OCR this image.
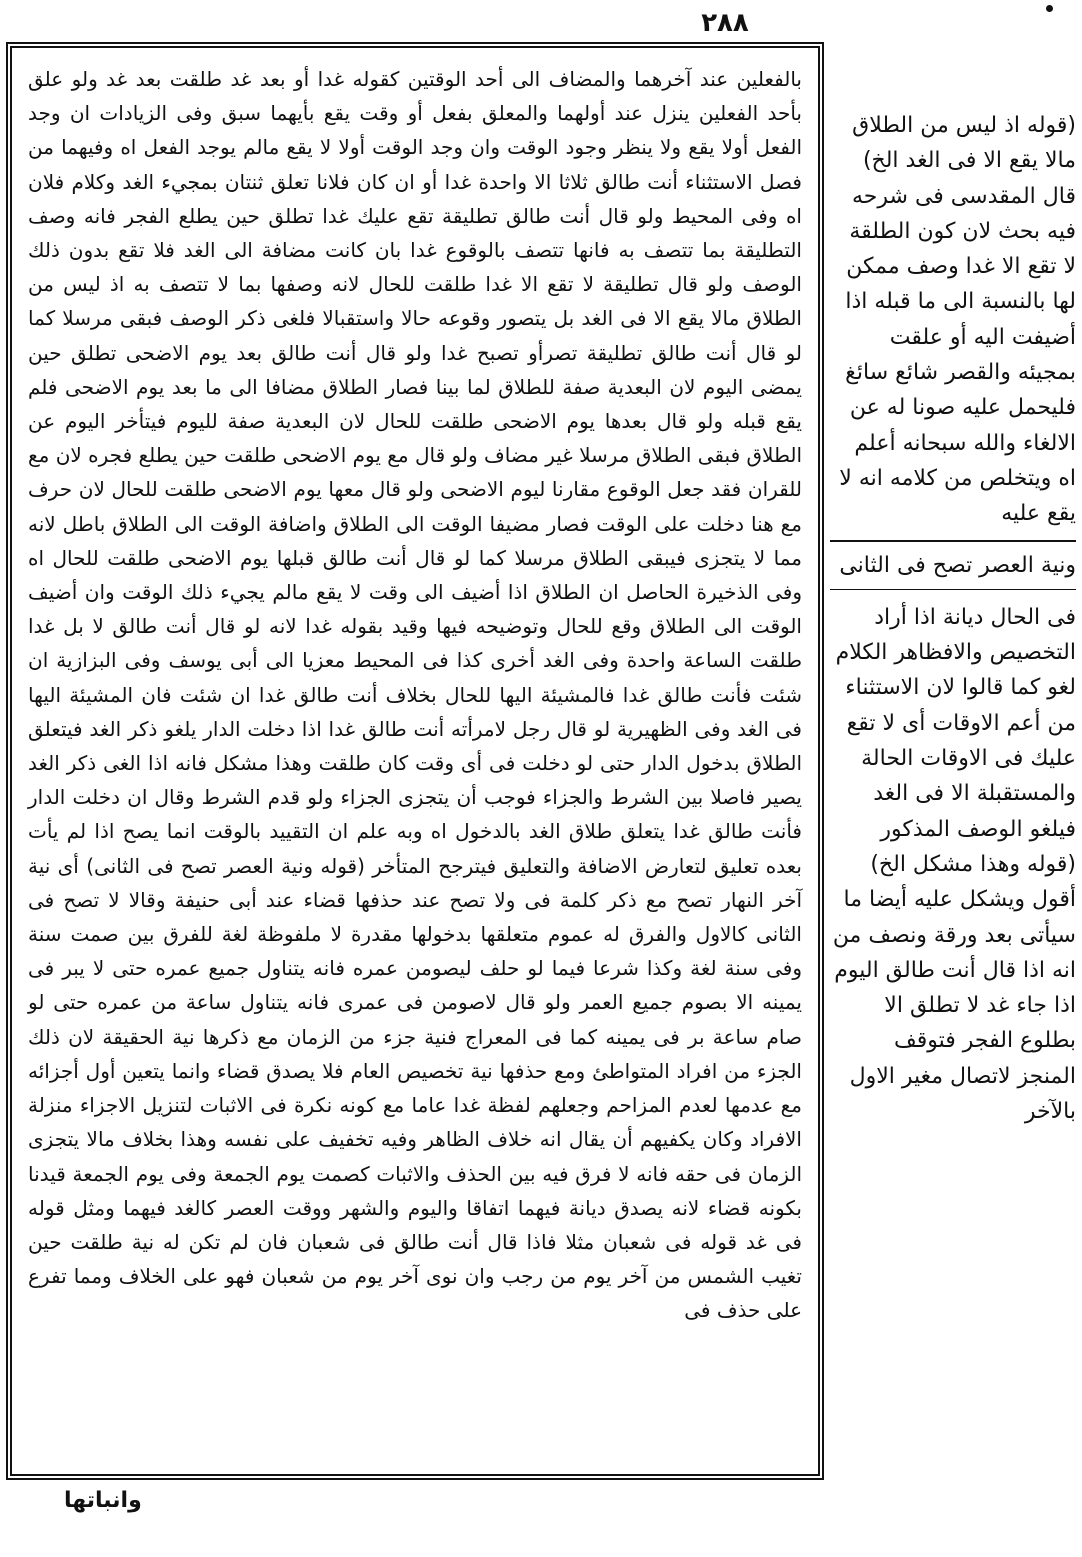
٢٨٨

بالفعلين عند آخرهما والمضاف الى أحد الوقتين كقوله غدا أو بعد غد طلقت بعد غد ولو علق بأحد الفعلين ينزل عند أولهما والمعلق بفعل أو وقت يقع بأيهما سبق وفى الزيادات ان وجد الفعل أولا يقع ولا ينظر وجود الوقت وان وجد الوقت أولا لا يقع مالم يوجد الفعل اه وفيهما من فصل الاستثناء أنت طالق ثلاثا الا واحدة غدا أو ان كان فلانا تعلق ثنتان بمجيء الغد وكلام فلان اه وفى المحيط ولو قال أنت طالق تطليقة تقع عليك غدا تطلق حين يطلع الفجر فانه وصف التطليقة بما تتصف به فانها تتصف بالوقوع غدا بان كانت مضافة الى الغد فلا تقع بدون ذلك الوصف ولو قال تطليقة لا تقع الا غدا طلقت للحال لانه وصفها بما لا تتصف به اذ ليس من الطلاق مالا يقع الا فى الغد بل يتصور وقوعه حالا واستقبالا فلغى ذكر الوصف فبقى مرسلا كما لو قال أنت طالق تطليقة تصرأو تصبح غدا ولو قال أنت طالق بعد يوم الاضحى تطلق حين يمضى اليوم لان البعدية صفة للطلاق لما بينا فصار الطلاق مضافا الى ما بعد يوم الاضحى فلم يقع قبله ولو قال بعدها يوم الاضحى طلقت للحال لان البعدية صفة لليوم فيتأخر اليوم عن الطلاق فبقى الطلاق مرسلا غير مضاف ولو قال مع يوم الاضحى طلقت حين يطلع فجره لان مع للقران فقد جعل الوقوع مقارنا ليوم الاضحى ولو قال معها يوم الاضحى طلقت للحال لان حرف مع هنا دخلت على الوقت فصار مضيفا الوقت الى الطلاق واضافة الوقت الى الطلاق باطل لانه مما لا يتجزى فيبقى الطلاق مرسلا كما لو قال أنت طالق قبلها يوم الاضحى طلقت للحال اه وفى الذخيرة الحاصل ان الطلاق اذا أضيف الى وقت لا يقع مالم يجيء ذلك الوقت وان أضيف الوقت الى الطلاق وقع للحال وتوضيحه فيها وقيد بقوله غدا لانه لو قال أنت طالق لا بل غدا طلقت الساعة واحدة وفى الغد أخرى كذا فى المحيط معزيا الى أبى يوسف وفى البزازية ان شئت فأنت طالق غدا فالمشيئة اليها للحال بخلاف أنت طالق غدا ان شئت فان المشيئة اليها فى الغد وفى الظهيرية لو قال رجل لامرأته أنت طالق غدا اذا دخلت الدار يلغو ذكر الغد فيتعلق الطلاق بدخول الدار حتى لو دخلت فى أى وقت كان طلقت وهذا مشكل فانه اذا الغى ذكر الغد يصير فاصلا بين الشرط والجزاء فوجب أن يتجزى الجزاء ولو قدم الشرط وقال ان دخلت الدار فأنت طالق غدا يتعلق طلاق الغد بالدخول اه وبه علم ان التقييد بالوقت انما يصح اذا لم يأت بعده تعليق لتعارض الاضافة والتعليق فيترجح المتأخر (قوله ونية العصر تصح فى الثانى) أى نية آخر النهار تصح مع ذكر كلمة فى ولا تصح عند حذفها قضاء عند أبى حنيفة وقالا لا تصح فى الثانى كالاول والفرق له عموم متعلقها بدخولها مقدرة لا ملفوظة لغة للفرق بين صمت سنة وفى سنة لغة وكذا شرعا فيما لو حلف ليصومن عمره فانه يتناول جميع عمره حتى لا يبر فى يمينه الا بصوم جميع العمر ولو قال لاصومن فى عمرى فانه يتناول ساعة من عمره حتى لو صام ساعة بر فى يمينه كما فى المعراج فنية جزء من الزمان مع ذكرها نية الحقيقة لان ذلك الجزء من افراد المتواطئ ومع حذفها نية تخصيص العام فلا يصدق قضاء وانما يتعين أول أجزائه مع عدمها لعدم المزاحم وجعلهم لفظة غدا عاما مع كونه نكرة فى الاثبات لتنزيل الاجزاء منزلة الافراد وكان يكفيهم أن يقال انه خلاف الظاهر وفيه تخفيف على نفسه وهذا بخلاف مالا يتجزى الزمان فى حقه فانه لا فرق فيه بين الحذف والاثبات كصمت يوم الجمعة وفى يوم الجمعة قيدنا بكونه قضاء لانه يصدق ديانة فيهما اتفاقا واليوم والشهر ووقت العصر كالغد فيهما ومثل قوله فى غد قوله فى شعبان مثلا فاذا قال أنت طالق فى شعبان فان لم تكن له نية طلقت حين تغيب الشمس من آخر يوم من رجب وان نوى آخر يوم من شعبان فهو على الخلاف ومما تفرع على حذف فى

(قوله اذ ليس من الطلاق مالا يقع الا فى الغد الخ) قال المقدسى فى شرحه فيه بحث لان كون الطلقة لا تقع الا غدا وصف ممكن لها بالنسبة الى ما قبله اذا أضيفت اليه أو علقت بمجيئه والقصر شائع سائغ فليحمل عليه صونا له عن الالغاء والله سبحانه أعلم اه ويتخلص من كلامه انه لا يقع عليه

ونية العصر تصح فى الثانى

فى الحال ديانة اذا أراد التخصيص والافظاهر الكلام لغو كما قالوا لان الاستثناء من أعم الاوقات أى لا تقع عليك فى الاوقات الحالة والمستقبلة الا فى الغد فيلغو الوصف المذكور (قوله وهذا مشكل الخ) أقول ويشكل عليه أيضا ما سيأتى بعد ورقة ونصف من انه اذا قال أنت طالق اليوم اذا جاء غد لا تطلق الا بطلوع الفجر فتوقف المنجز لاتصال مغير الاول بالآخر

وانباتها
